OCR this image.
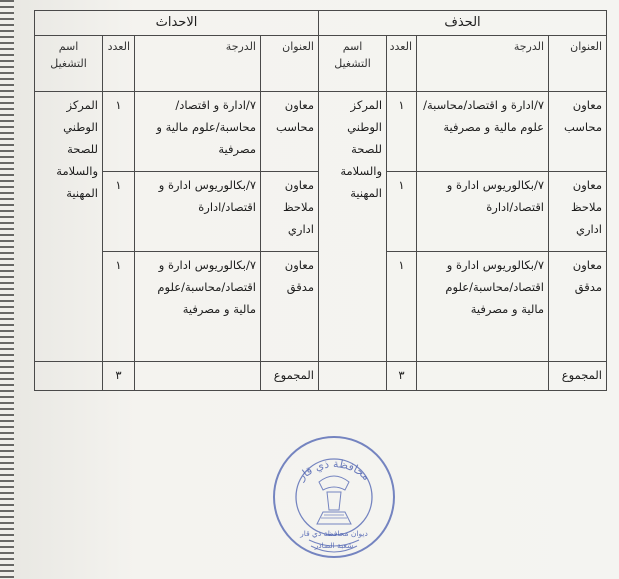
الحذف				الاحداث			
العنوان	الدرجة	العدد	اسم التشغيل	العنوان	الدرجة	العدد	اسم التشغيل
معاون محاسب	٧/ادارة و اقتصاد/محاسبة/علوم مالية و مصرفية	١	المركز الوطني للصحة والسلامة المهنية	معاون محاسب	٧/ادارة و اقتصاد/محاسبة/علوم مالية و مصرفية	١	المركز الوطني للصحة والسلامة المهنية
معاون ملاحظ اداري	٧/بكالوريوس ادارة و اقتصاد/ادارة	١		معاون ملاحظ اداري	٧/بكالوريوس ادارة و اقتصاد/ادارة	١	
معاون مدقق	٧/بكالوريوس ادارة و اقتصاد/محاسبة/علوم مالية و مصرفية	١		معاون مدقق	٧/بكالوريوس ادارة و اقتصاد/محاسبة/علوم مالية و مصرفية	١	
المجموع		٣		المجموع		٣	
محافظة ذي قار
ديوان محافظة ذي قار
شعبة الصادر
